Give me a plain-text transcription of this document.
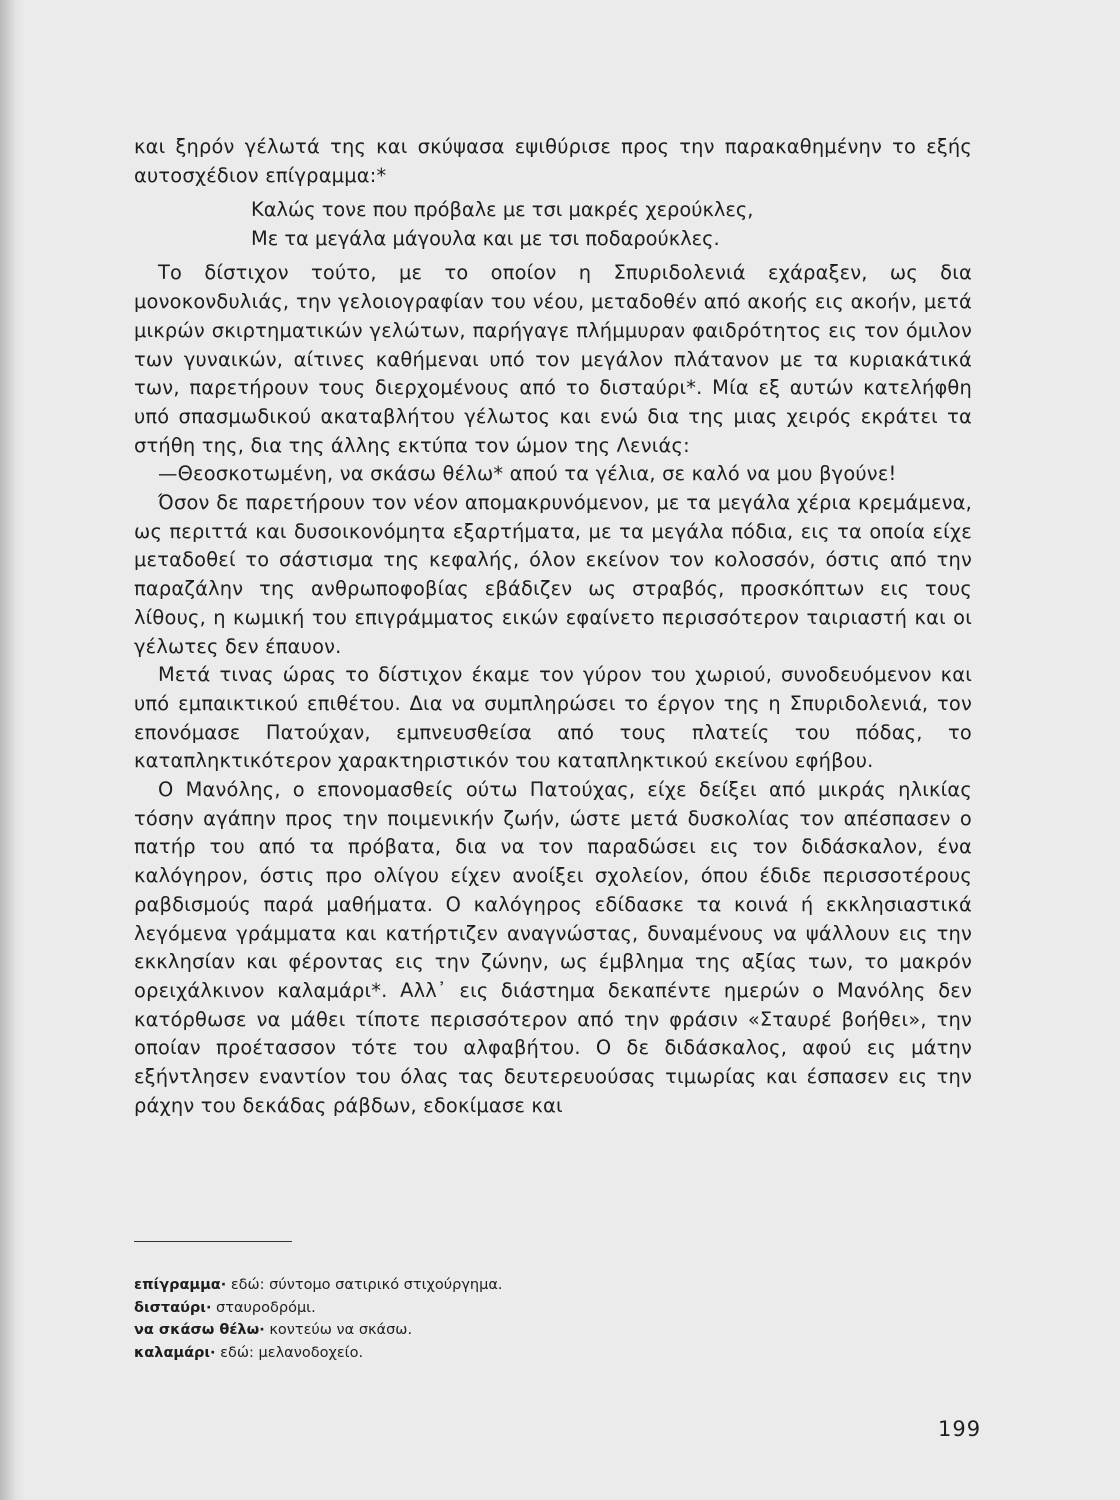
και ξηρόν γέλωτά της και σκύψασα εψιθύρισε προς την παρακαθημένην το εξής αυτοσχέδιον επίγραμμα:*

Καλώς τονε που πρόβαλε με τσι μακρές χερούκλες,
Με τα μεγάλα μάγουλα και με τσι ποδαρούκλες.

Το δίστιχον τούτο, με το οποίον η Σπυριδολενιά εχάραξεν, ως δια μονοκονδυλιάς, την γελοιογραφίαν του νέου, μεταδοθέν από ακοής εις ακοήν, μετά μικρών σκιρτηματικών γελώτων, παρήγαγε πλήμμυραν φαιδρότητος εις τον όμιλον των γυναικών, αίτινες καθήμεναι υπό τον μεγάλον πλάτανον με τα κυριακάτικά των, παρετήρουν τους διερχομένους από το δισταύρι*. Μία εξ αυτών κατελήφθη υπό σπασμωδικού ακαταβλήτου γέλωτος και ενώ δια της μιας χειρός εκράτει τα στήθη της, δια της άλλης εκτύπα τον ώμον της Λενιάς:

—Θεοσκοτωμένη, να σκάσω θέλω* απού τα γέλια, σε καλό να μου βγούνε!

Όσον δε παρετήρουν τον νέον απομακρυνόμενον, με τα μεγάλα χέρια κρεμάμενα, ως περιττά και δυσοικονόμητα εξαρτήματα, με τα μεγάλα πόδια, εις τα οποία είχε μεταδοθεί το σάστισμα της κεφαλής, όλον εκείνον τον κολοσσόν, όστις από την παραζάλην της ανθρωποφοβίας εβάδιζεν ως στραβός, προσκόπτων εις τους λίθους, η κωμική του επιγράμματος εικών εφαίνετο περισσότερον ταιριαστή και οι γέλωτες δεν έπαυον.

Μετά τινας ώρας το δίστιχον έκαμε τον γύρον του χωριού, συνοδευόμενον και υπό εμπαικτικού επιθέτου. Δια να συμπληρώσει το έργον της η Σπυριδολενιά, τον επονόμασε Πατούχαν, εμπνευσθείσα από τους πλατείς του πόδας, το καταπληκτικότερον χαρακτηριστικόν του καταπληκτικού εκείνου εφήβου.

Ο Μανόλης, ο επονομασθείς ούτω Πατούχας, είχε δείξει από μικράς ηλικίας τόσην αγάπην προς την ποιμενικήν ζωήν, ώστε μετά δυσκολίας τον απέσπασεν ο πατήρ του από τα πρόβατα, δια να τον παραδώσει εις τον διδάσκαλον, ένα καλόγηρον, όστις προ ολίγου είχεν ανοίξει σχολείον, όπου έδιδε περισσοτέρους ραβδισμούς παρά μαθήματα. Ο καλόγηρος εδίδασκε τα κοινά ή εκκλησιαστικά λεγόμενα γράμματα και κατήρτιζεν αναγνώστας, δυναμένους να ψάλλουν εις την εκκλησίαν και φέροντας εις την ζώνην, ως έμβλημα της αξίας των, το μακρόν ορειχάλκινον καλαμάρι*. Αλλ᾽ εις διάστημα δεκαπέντε ημερών ο Μανόλης δεν κατόρθωσε να μάθει τίποτε περισσότερον από την φράσιν «Σταυρέ βοήθει», την οποίαν προέτασσον τότε του αλφαβήτου. Ο δε διδάσκαλος, αφού εις μάτην εξήντλησεν εναντίον του όλας τας δευτερευούσας τιμωρίας και έσπασεν εις την ράχην του δεκάδας ράβδων, εδοκίμασε και

επίγραμμα· εδώ: σύντομο σατιρικό στιχούργημα.
δισταύρι· σταυροδρόμι.
να σκάσω θέλω· κοντεύω να σκάσω.
καλαμάρι· εδώ: μελανοδοχείο.
199
